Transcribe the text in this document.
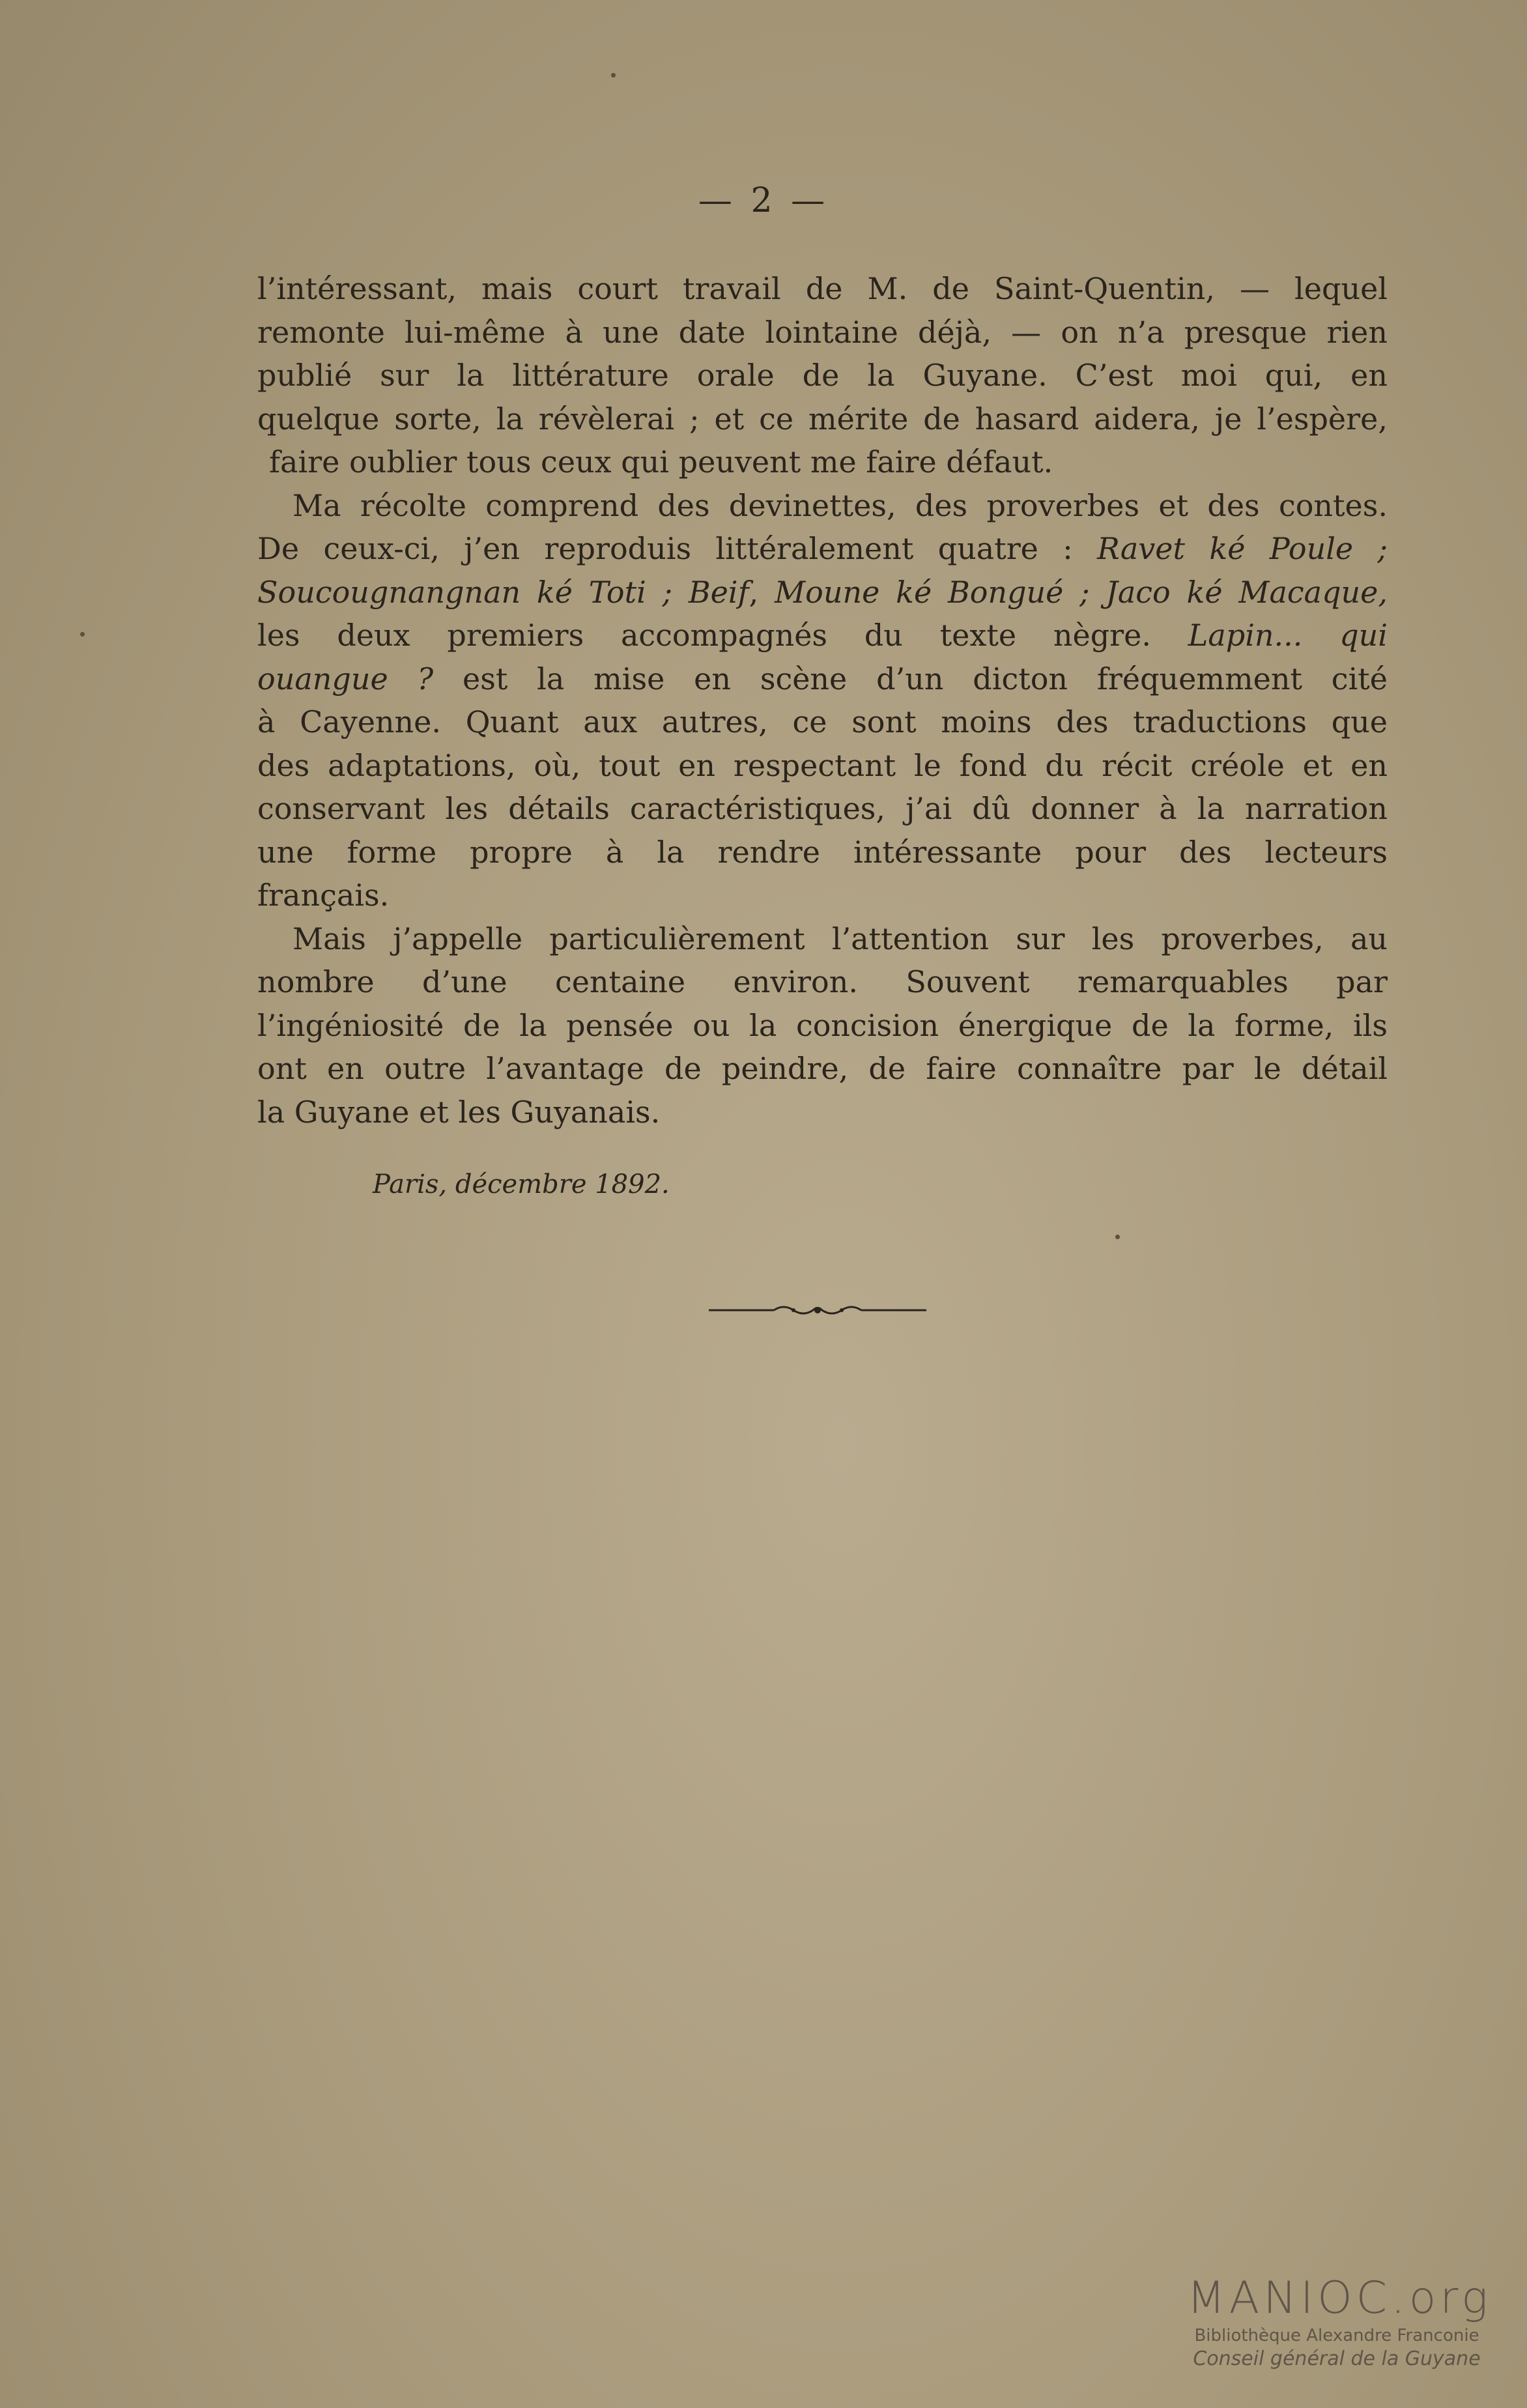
— 2 —
l’intéressant, mais court travail de M. de Saint-Quentin, — lequel
remonte lui-même à une date lointaine déjà, — on n’a presque rien
publié sur la littérature orale de la Guyane. C’est moi qui, en
quelque sorte, la révèlerai ; et ce mérite de hasard aidera, je l’espère,
faire oublier tous ceux qui peuvent me faire défaut.
Ma récolte comprend des devinettes, des proverbes et des contes.
De ceux-ci, j’en reproduis littéralement quatre : Ravet ké Poule ;
Soucougnangnan ké Toti ; Beif, Moune ké Bongué ; Jaco ké Macaque,
les deux premiers accompagnés du texte nègre. Lapin... qui
ouangue ? est la mise en scène d’un dicton fréquemment cité
à Cayenne. Quant aux autres, ce sont moins des traductions que
des adaptations, où, tout en respectant le fond du récit créole et en
conservant les détails caractéristiques, j’ai dû donner à la narration
une forme propre à la rendre intéressante pour des lecteurs
français.
Mais j’appelle particulièrement l’attention sur les proverbes, au
nombre d’une centaine environ. Souvent remarquables par
l’ingéniosité de la pensée ou la concision énergique de la forme, ils
ont en outre l’avantage de peindre, de faire connaître par le détail
la Guyane et les Guyanais.
Paris, décembre 1892.
MANIOC.org
Bibliothèque Alexandre Franconie
Conseil général de la Guyane
